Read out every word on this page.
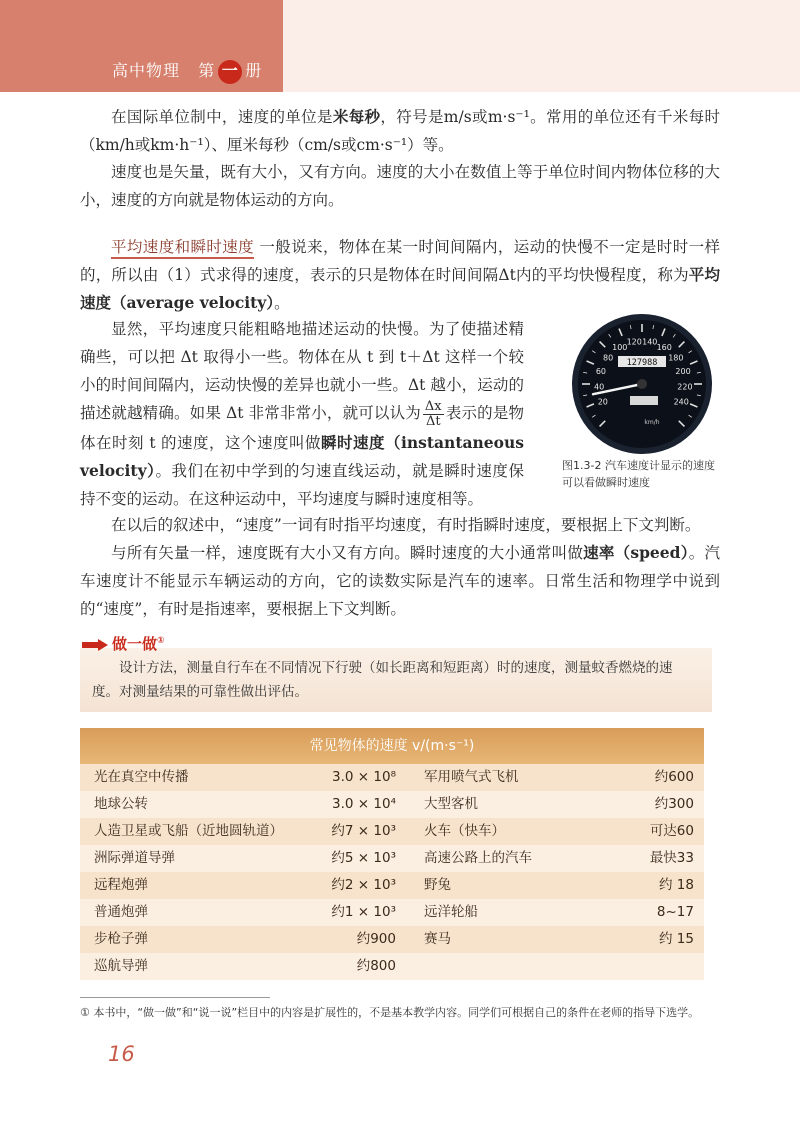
高中物理 第 一 册

在国际单位制中，速度的单位是米每秒，符号是m/s或m·s⁻¹。常用的单位还有千米每时（km/h或km·h⁻¹）、厘米每秒（cm/s或cm·s⁻¹）等。

速度也是矢量，既有大小，又有方向。速度的大小在数值上等于单位时间内物体位移的大小，速度的方向就是物体运动的方向。

平均速度和瞬时速度 一般说来，物体在某一时间间隔内，运动的快慢不一定是时时一样的，所以由（1）式求得的速度，表示的只是物体在时间间隔Δt内的平均快慢程度，称为平均速度（average velocity）。

显然，平均速度只能粗略地描述运动的快慢。为了使描述精确些，可以把 Δt 取得小一些。物体在从 t 到 t＋Δt 这样一个较小的时间间隔内，运动快慢的差异也就小一些。Δt 越小，运动的描述就越精确。如果 Δt 非常非常小，就可以认为 $\frac{\Delta x}{\Delta t}$ 表示的是物体在时刻 t 的速度，这个速度叫做瞬时速度（instantaneous velocity）。我们在初中学到的匀速直线运动，就是瞬时速度保持不变的运动。在这种运动中，平均速度与瞬时速度相等。

20
40
60
80
100
120 140
160
180
200
220
240
127988
km/h
图1.3-2 汽车速度计显示的速度可以看做瞬时速度

在以后的叙述中，“速度”一词有时指平均速度，有时指瞬时速度，要根据上下文判断。

与所有矢量一样，速度既有大小又有方向。瞬时速度的大小通常叫做速率（speed）。汽车速度计不能显示车辆运动的方向，它的读数实际是汽车的速率。日常生活和物理学中说到的“速度”，有时是指速率，要根据上下文判断。

做一做①
设计方法，测量自行车在不同情况下行驶（如长距离和短距离）时的速度，测量蚊香燃烧的速度。对测量结果的可靠性做出评估。
常见物体的速度 v/(m·s⁻¹)
光在真空中传播	3.0 × 10⁸	军用喷气式飞机	约600
地球公转	3.0 × 10⁴	大型客机	约300
人造卫星或飞船（近地圆轨道）	约7 × 10³	火车（快车）	可达60
洲际弹道导弹	约5 × 10³	高速公路上的汽车	最快33
远程炮弹	约2 × 10³	野兔	约 18
普通炮弹	约1 × 10³	远洋轮船	8~17
步枪子弹	约900	赛马	约 15
巡航导弹	约800
① 本书中，“做一做”和“说一说”栏目中的内容是扩展性的，不是基本教学内容。同学们可根据自己的条件在老师的指导下选学。
16
